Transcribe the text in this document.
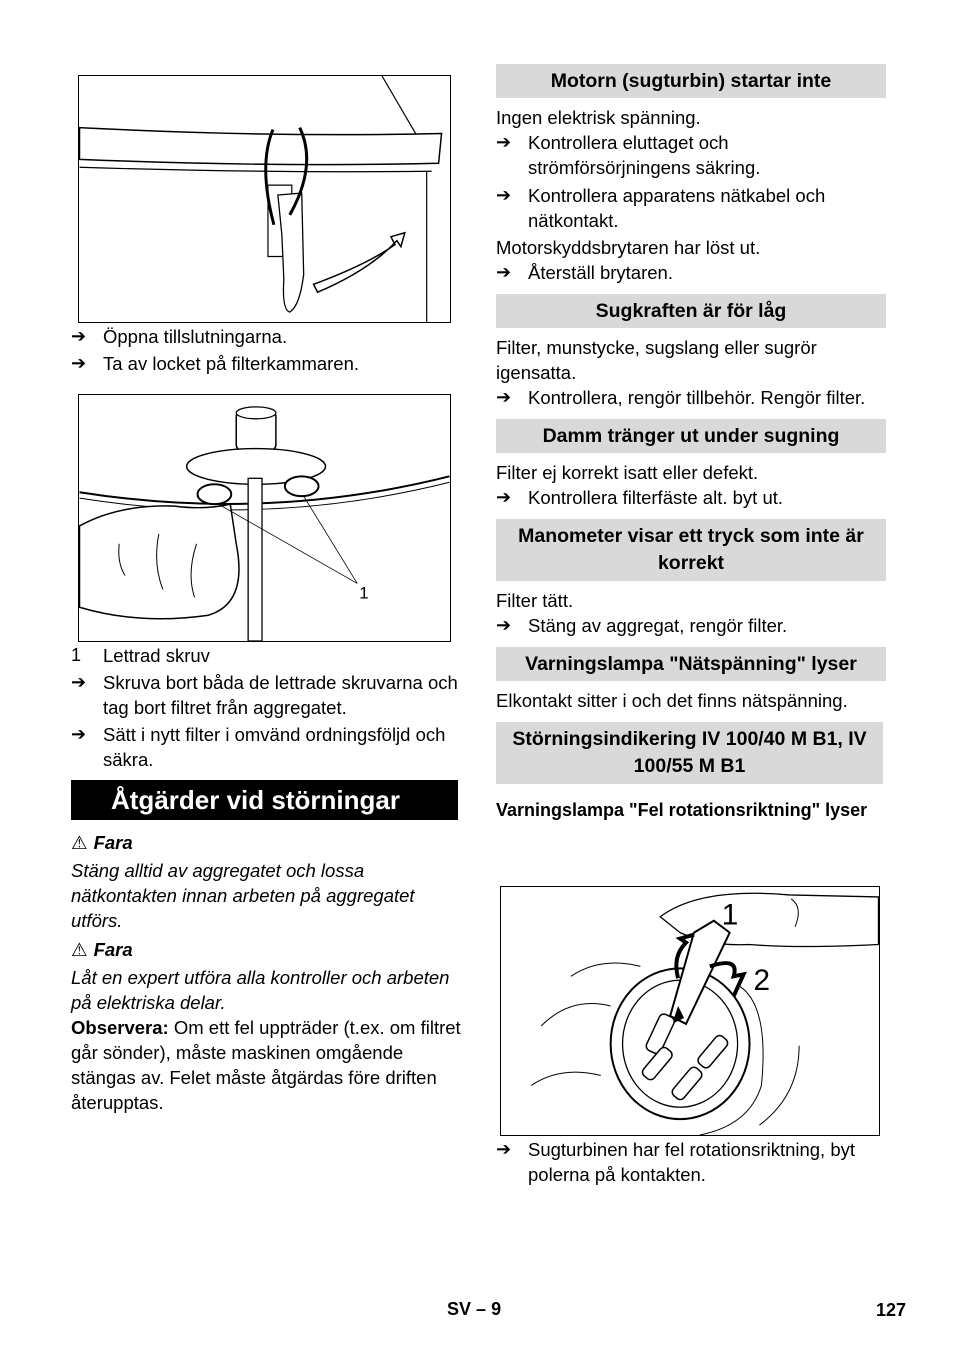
➔ Öppna tillslutningarna.
➔ Ta av locket på filterkammaren.
1
1 Lettrad skruv
➔ Skruva bort båda de lettrade skruvarna och tag bort filtret från aggregatet.
➔ Sätt i nytt filter i omvänd ordningsföljd och säkra.
Åtgärder vid störningar
⚠ Fara
Stäng alltid av aggregatet och lossa nätkontakten innan arbeten på aggregatet utförs.
⚠ Fara
Låt en expert utföra alla kontroller och arbeten på elektriska delar.
Observera: Om ett fel uppträder (t.ex. om filtret går sönder), måste maskinen omgående stängas av. Felet måste åtgärdas före driften återupptas.
Motorn (sugturbin) startar inte
Ingen elektrisk spänning.
➔ Kontrollera eluttaget och strömförsörjningens säkring.
➔ Kontrollera apparatens nätkabel och nätkontakt.
Motorskyddsbrytaren har löst ut.
➔ Återställ brytaren.
Sugkraften är för låg
Filter, munstycke, sugslang eller sugrör igensatta.
➔ Kontrollera, rengör tillbehör. Rengör filter.
Damm tränger ut under sugning
Filter ej korrekt isatt eller defekt.
➔ Kontrollera filterfäste alt. byt ut.
Manometer visar ett tryck som inte är korrekt
Filter tätt.
➔ Stäng av aggregat, rengör filter.
Varningslampa "Nätspänning" lyser
Elkontakt sitter i och det finns nätspänning.
Störningsindikering IV 100/40 M B1, IV 100/55 M B1
Varningslampa "Fel rotationsriktning" lyser
1
2
➔ Sugturbinen har fel rotationsriktning, byt polerna på kontakten.
SV – 9	127
